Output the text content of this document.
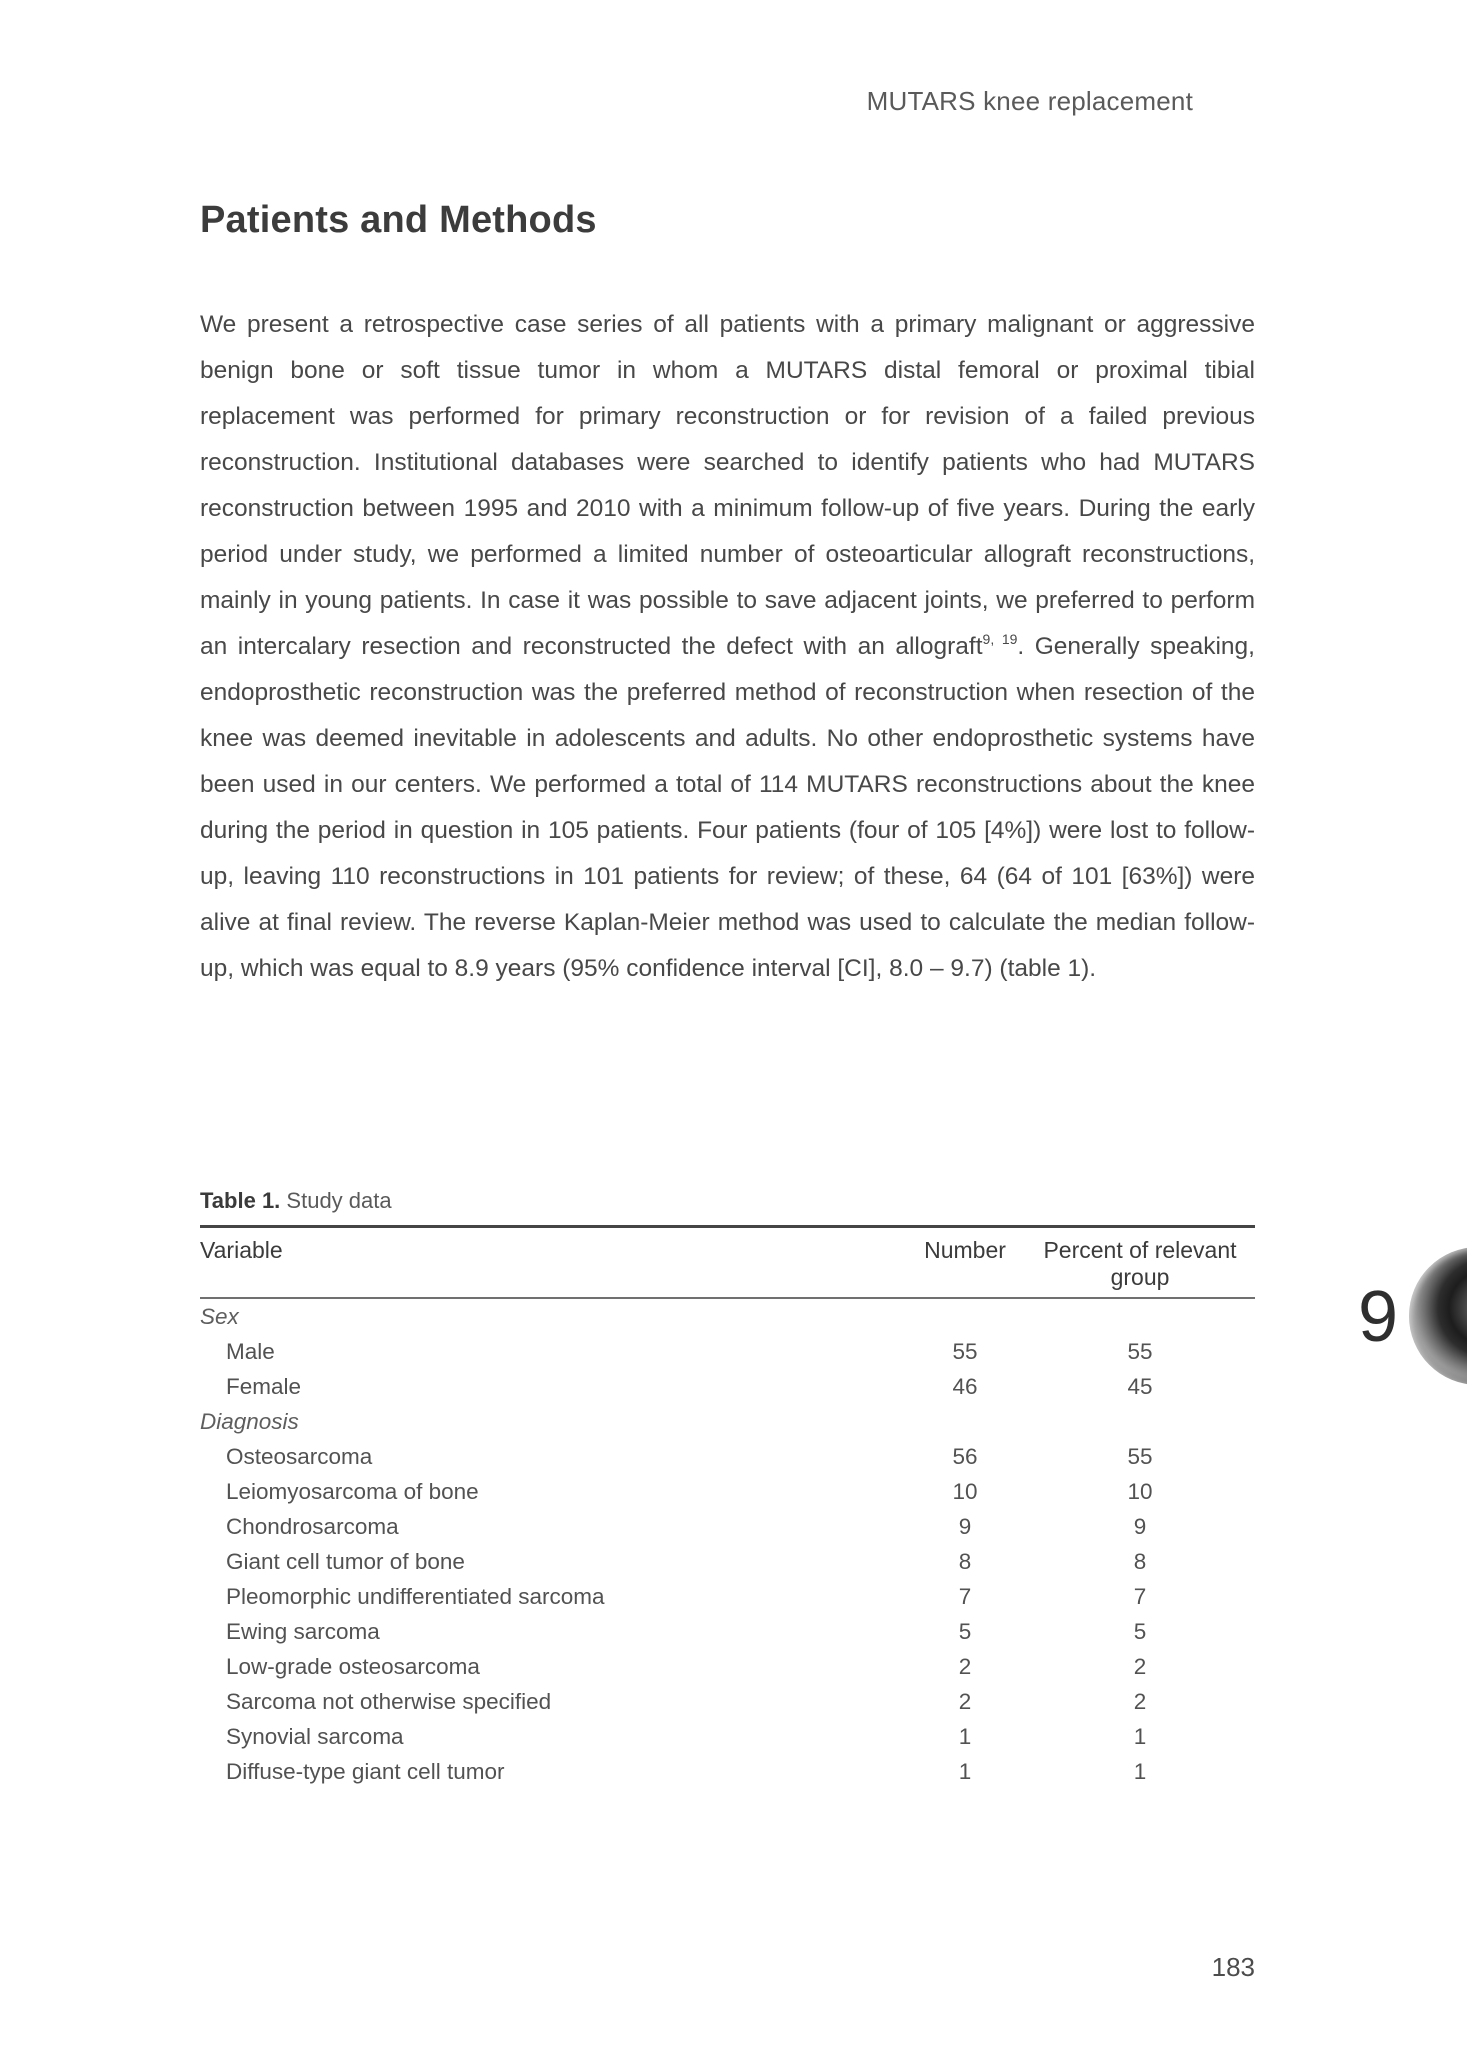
MUTARS knee replacement
Patients and Methods

We present a retrospective case series of all patients with a primary malignant or aggressive benign bone or soft tissue tumor in whom a MUTARS distal femoral or proximal tibial replacement was performed for primary reconstruction or for revision of a failed previous reconstruction. Institutional databases were searched to identify patients who had MUTARS reconstruction between 1995 and 2010 with a minimum follow-up of five years. During the early period under study, we performed a limited number of osteoarticular allograft reconstructions, mainly in young patients. In case it was possible to save adjacent joints, we preferred to perform an intercalary resection and reconstructed the defect with an allograft$^{9, 19}$. Generally speaking, endoprosthetic reconstruction was the preferred method of reconstruction when resection of the knee was deemed inevitable in adolescents and adults. No other endoprosthetic systems have been used in our centers. We performed a total of 114 MUTARS reconstructions about the knee during the period in question in 105 patients. Four patients (four of 105 [4%]) were lost to follow-up, leaving 110 reconstructions in 101 patients for review; of these, 64 (64 of 101 [63%]) were alive at final review. The reverse Kaplan-Meier method was used to calculate the median follow-up, which was equal to 8.9 years (95% confidence interval [CI], 8.0 – 9.7) (table 1).

Table 1. Study data
Variable	Number	Percent of relevant group
Sex
Male	55	55
Female	46	45
Diagnosis
Osteosarcoma	56	55
Leiomyosarcoma of bone	10	10
Chondrosarcoma	9	9
Giant cell tumor of bone	8	8
Pleomorphic undifferentiated sarcoma	7	7
Ewing sarcoma	5	5
Low-grade osteosarcoma	2	2
Sarcoma not otherwise specified	2	2
Synovial sarcoma	1	1
Diffuse-type giant cell tumor	1	1
9
183
